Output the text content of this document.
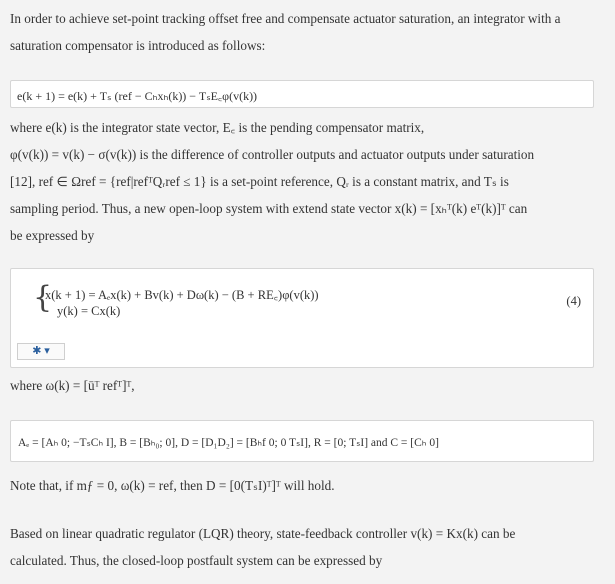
In order to achieve set-point tracking offset free and compensate actuator saturation, an integrator with a
saturation compensator is introduced as follows:
e(k + 1) = e(k) + Tₛ (ref − Cₕxₕ(k)) − TₛE꜀φ(v(k))
where e(k) is the integrator state vector, E꜀ is the pending compensator matrix,
φ(v(k)) = v(k) − σ(v(k)) is the difference of controller outputs and actuator outputs under saturation
[12], ref ∈ Ωref = {ref|refᵀQᵣref ≤ 1} is a set-point reference, Qᵣ is a constant matrix, and Tₛ is
sampling period. Thus, a new open-loop system with extend state vector x(k) = [xₕᵀ(k) eᵀ(k)]ᵀ can
be expressed by
{
x(k + 1) = Aₑx(k) + Bv(k) + Dω(k) − (B + RE꜀)φ(v(k))
y(k) = Cx(k)
(4)
✱ ▾
where ω(k) = [ūᵀ refᵀ]ᵀ,
Aₑ = [Aₕ 0; −TₛCₕ I], B = [Bₕ₀; 0], D = [D₁D₂] = [Bₕf 0; 0 TₛI], R = [0; TₛI] and C = [Cₕ 0]
Note that, if mƒ = 0, ω(k) = ref, then D = [0(TₛI)ᵀ]ᵀ will hold.
Based on linear quadratic regulator (LQR) theory, state-feedback controller v(k) = Kx(k) can be
calculated. Thus, the closed-loop postfault system can be expressed by
